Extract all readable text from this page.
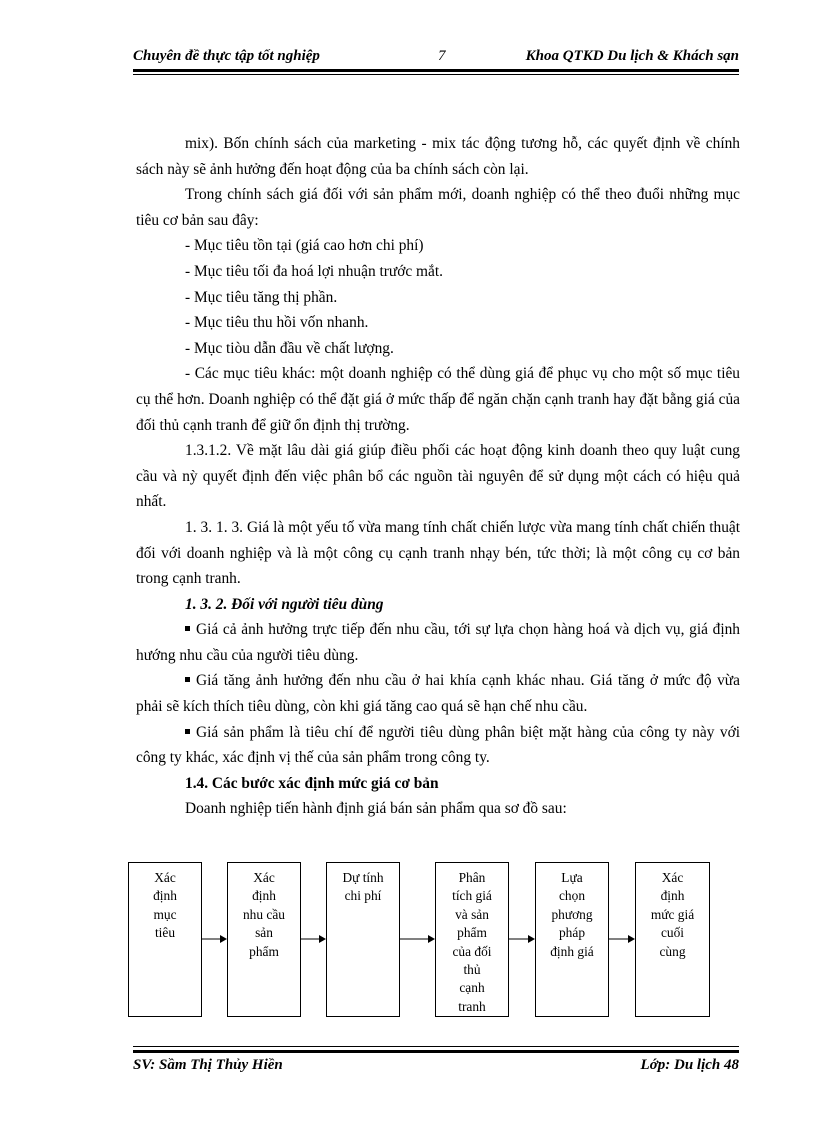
Chuyên đề thực tập tốt nghiệp	7	Khoa QTKD Du lịch & Khách sạn

mix). Bốn chính sách của marketing - mix tác động tương hỗ, các quyết định về chính sách này sẽ ảnh hưởng đến hoạt động của ba chính sách còn lại.

Trong chính sách giá đối với sản phẩm mới, doanh nghiệp có thể theo đuổi những mục tiêu cơ bản sau đây:

- Mục tiêu tồn tại (giá cao hơn chi phí)

- Mục tiêu tối đa hoá lợi nhuận trước mắt.

- Mục tiêu tăng thị phần.

- Mục tiêu thu hồi vốn nhanh.

- Mục tiòu dẫn đầu về chất lượng.

- Các mục tiêu khác: một doanh nghiệp có thể dùng giá để phục vụ cho một số mục tiêu cụ thể hơn. Doanh nghiệp có thể đặt giá ở mức thấp để ngăn chặn cạnh tranh hay đặt bằng giá của đối thủ cạnh tranh để giữ ổn định thị trường.

1.3.1.2. Về mặt lâu dài giá giúp điều phối các hoạt động kinh doanh theo quy luật cung cầu và nỳ quyết định đến việc phân bổ các nguồn tài nguyên để sử dụng một cách có hiệu quả nhất.

1. 3. 1. 3. Giá là một yếu tố vừa mang tính chất chiến lược vừa mang tính chất chiến thuật đối với doanh nghiệp và là một công cụ cạnh tranh nhạy bén, tức thời; là một công cụ cơ bản trong cạnh tranh.

1. 3. 2. Đối với người tiêu dùng

Giá cả ảnh hưởng trực tiếp đến nhu cầu, tới sự lựa chọn hàng hoá và dịch vụ, giá định hướng nhu cầu của người tiêu dùng.

Giá tăng ảnh hưởng đến nhu cầu ở hai khía cạnh khác nhau. Giá tăng ở mức độ vừa phải sẽ kích thích tiêu dùng, còn khi giá tăng cao quá sẽ hạn chế nhu cầu.

Giá sản phẩm là tiêu chí để người tiêu dùng phân biệt mặt hàng của công ty này với công ty khác, xác định vị thế của sản phẩm trong công ty.

1.4. Các bước xác định mức giá cơ bản

Doanh nghiệp tiến hành định giá bán sản phẩm qua sơ đồ sau:

Xác
định
mục
tiêu
Xác
định
nhu cầu
sản
phẩm
Dự tính
chi phí
Phân
tích giá
và sản
phẩm
của đối
thủ
cạnh
tranh
Lựa
chọn
phương
pháp
định giá
Xác
định
mức giá
cuối
cùng
SV: Sầm Thị Thủy Hiền	Lớp: Du lịch 48
